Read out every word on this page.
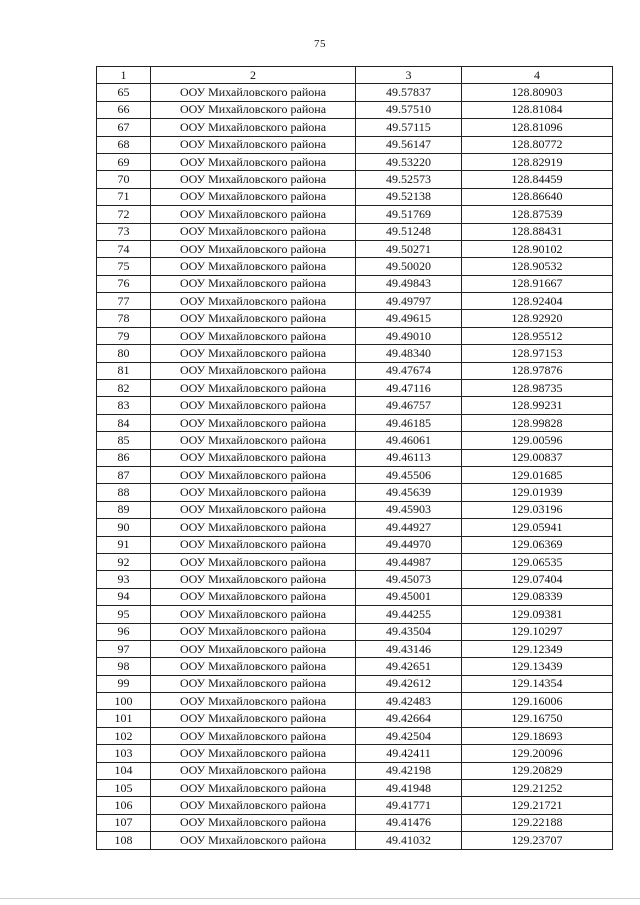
75
1	2	3	4
65	ООУ Михайловского района	49.57837	128.80903
66	ООУ Михайловского района	49.57510	128.81084
67	ООУ Михайловского района	49.57115	128.81096
68	ООУ Михайловского района	49.56147	128.80772
69	ООУ Михайловского района	49.53220	128.82919
70	ООУ Михайловского района	49.52573	128.84459
71	ООУ Михайловского района	49.52138	128.86640
72	ООУ Михайловского района	49.51769	128.87539
73	ООУ Михайловского района	49.51248	128.88431
74	ООУ Михайловского района	49.50271	128.90102
75	ООУ Михайловского района	49.50020	128.90532
76	ООУ Михайловского района	49.49843	128.91667
77	ООУ Михайловского района	49.49797	128.92404
78	ООУ Михайловского района	49.49615	128.92920
79	ООУ Михайловского района	49.49010	128.95512
80	ООУ Михайловского района	49.48340	128.97153
81	ООУ Михайловского района	49.47674	128.97876
82	ООУ Михайловского района	49.47116	128.98735
83	ООУ Михайловского района	49.46757	128.99231
84	ООУ Михайловского района	49.46185	128.99828
85	ООУ Михайловского района	49.46061	129.00596
86	ООУ Михайловского района	49.46113	129.00837
87	ООУ Михайловского района	49.45506	129.01685
88	ООУ Михайловского района	49.45639	129.01939
89	ООУ Михайловского района	49.45903	129.03196
90	ООУ Михайловского района	49.44927	129.05941
91	ООУ Михайловского района	49.44970	129.06369
92	ООУ Михайловского района	49.44987	129.06535
93	ООУ Михайловского района	49.45073	129.07404
94	ООУ Михайловского района	49.45001	129.08339
95	ООУ Михайловского района	49.44255	129.09381
96	ООУ Михайловского района	49.43504	129.10297
97	ООУ Михайловского района	49.43146	129.12349
98	ООУ Михайловского района	49.42651	129.13439
99	ООУ Михайловского района	49.42612	129.14354
100	ООУ Михайловского района	49.42483	129.16006
101	ООУ Михайловского района	49.42664	129.16750
102	ООУ Михайловского района	49.42504	129.18693
103	ООУ Михайловского района	49.42411	129.20096
104	ООУ Михайловского района	49.42198	129.20829
105	ООУ Михайловского района	49.41948	129.21252
106	ООУ Михайловского района	49.41771	129.21721
107	ООУ Михайловского района	49.41476	129.22188
108	ООУ Михайловского района	49.41032	129.23707
